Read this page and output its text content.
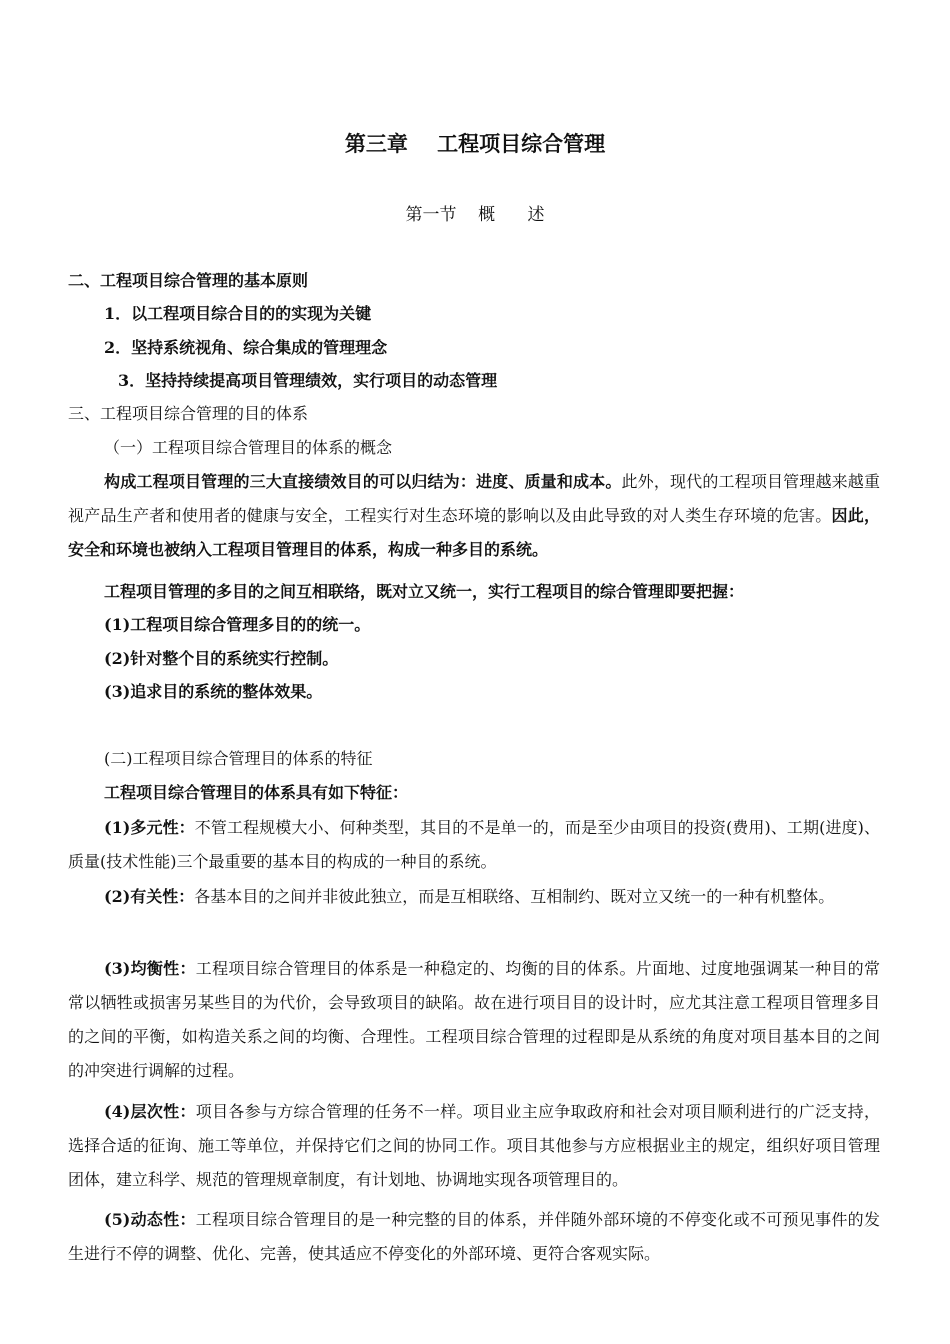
第三章    工程项目综合管理
第一节    概      述
二、工程项目综合管理的基本原则
1．以工程项目综合目的的实现为关键
2．坚持系统视角、综合集成的管理理念
3．坚持持续提高项目管理绩效，实行项目的动态管理
三、工程项目综合管理的目的体系
（一）工程项目综合管理目的体系的概念
构成工程项目管理的三大直接绩效目的可以归结为：进度、质量和成本。此外，现代的工程项目管理越来越重视产品生产者和使用者的健康与安全，工程实行对生态环境的影响以及由此导致的对人类生存环境的危害。因此，安全和环境也被纳入工程项目管理目的体系，构成一种多目的系统。
工程项目管理的多目的之间互相联络，既对立又统一，实行工程项目的综合管理即要把握：
(1)工程项目综合管理多目的的统一。
(2)针对整个目的系统实行控制。
(3)追求目的系统的整体效果。
(二)工程项目综合管理目的体系的特征
工程项目综合管理目的体系具有如下特征：
(1)多元性：不管工程规模大小、何种类型，其目的不是单一的，而是至少由项目的投资(费用)、工期(进度)、质量(技术性能)三个最重要的基本目的构成的一种目的系统。
(2)有关性：各基本目的之间并非彼此独立，而是互相联络、互相制约、既对立又统一的一种有机整体。
(3)均衡性：工程项目综合管理目的体系是一种稳定的、均衡的目的体系。片面地、过度地强调某一种目的常常以牺牲或损害另某些目的为代价，会导致项目的缺陷。故在进行项目目的设计时，应尤其注意工程项目管理多目的之间的平衡，如构造关系之间的均衡、合理性。工程项目综合管理的过程即是从系统的角度对项目基本目的之间的冲突进行调解的过程。
(4)层次性：项目各参与方综合管理的任务不一样。项目业主应争取政府和社会对项目顺利进行的广泛支持，选择合适的征询、施工等单位，并保持它们之间的协同工作。项目其他参与方应根据业主的规定，组织好项目管理团体，建立科学、规范的管理规章制度，有计划地、协调地实现各项管理目的。
(5)动态性：工程项目综合管理目的是一种完整的目的体系，并伴随外部环境的不停变化或不可预见事件的发生进行不停的调整、优化、完善，使其适应不停变化的外部环境、更符合客观实际。
